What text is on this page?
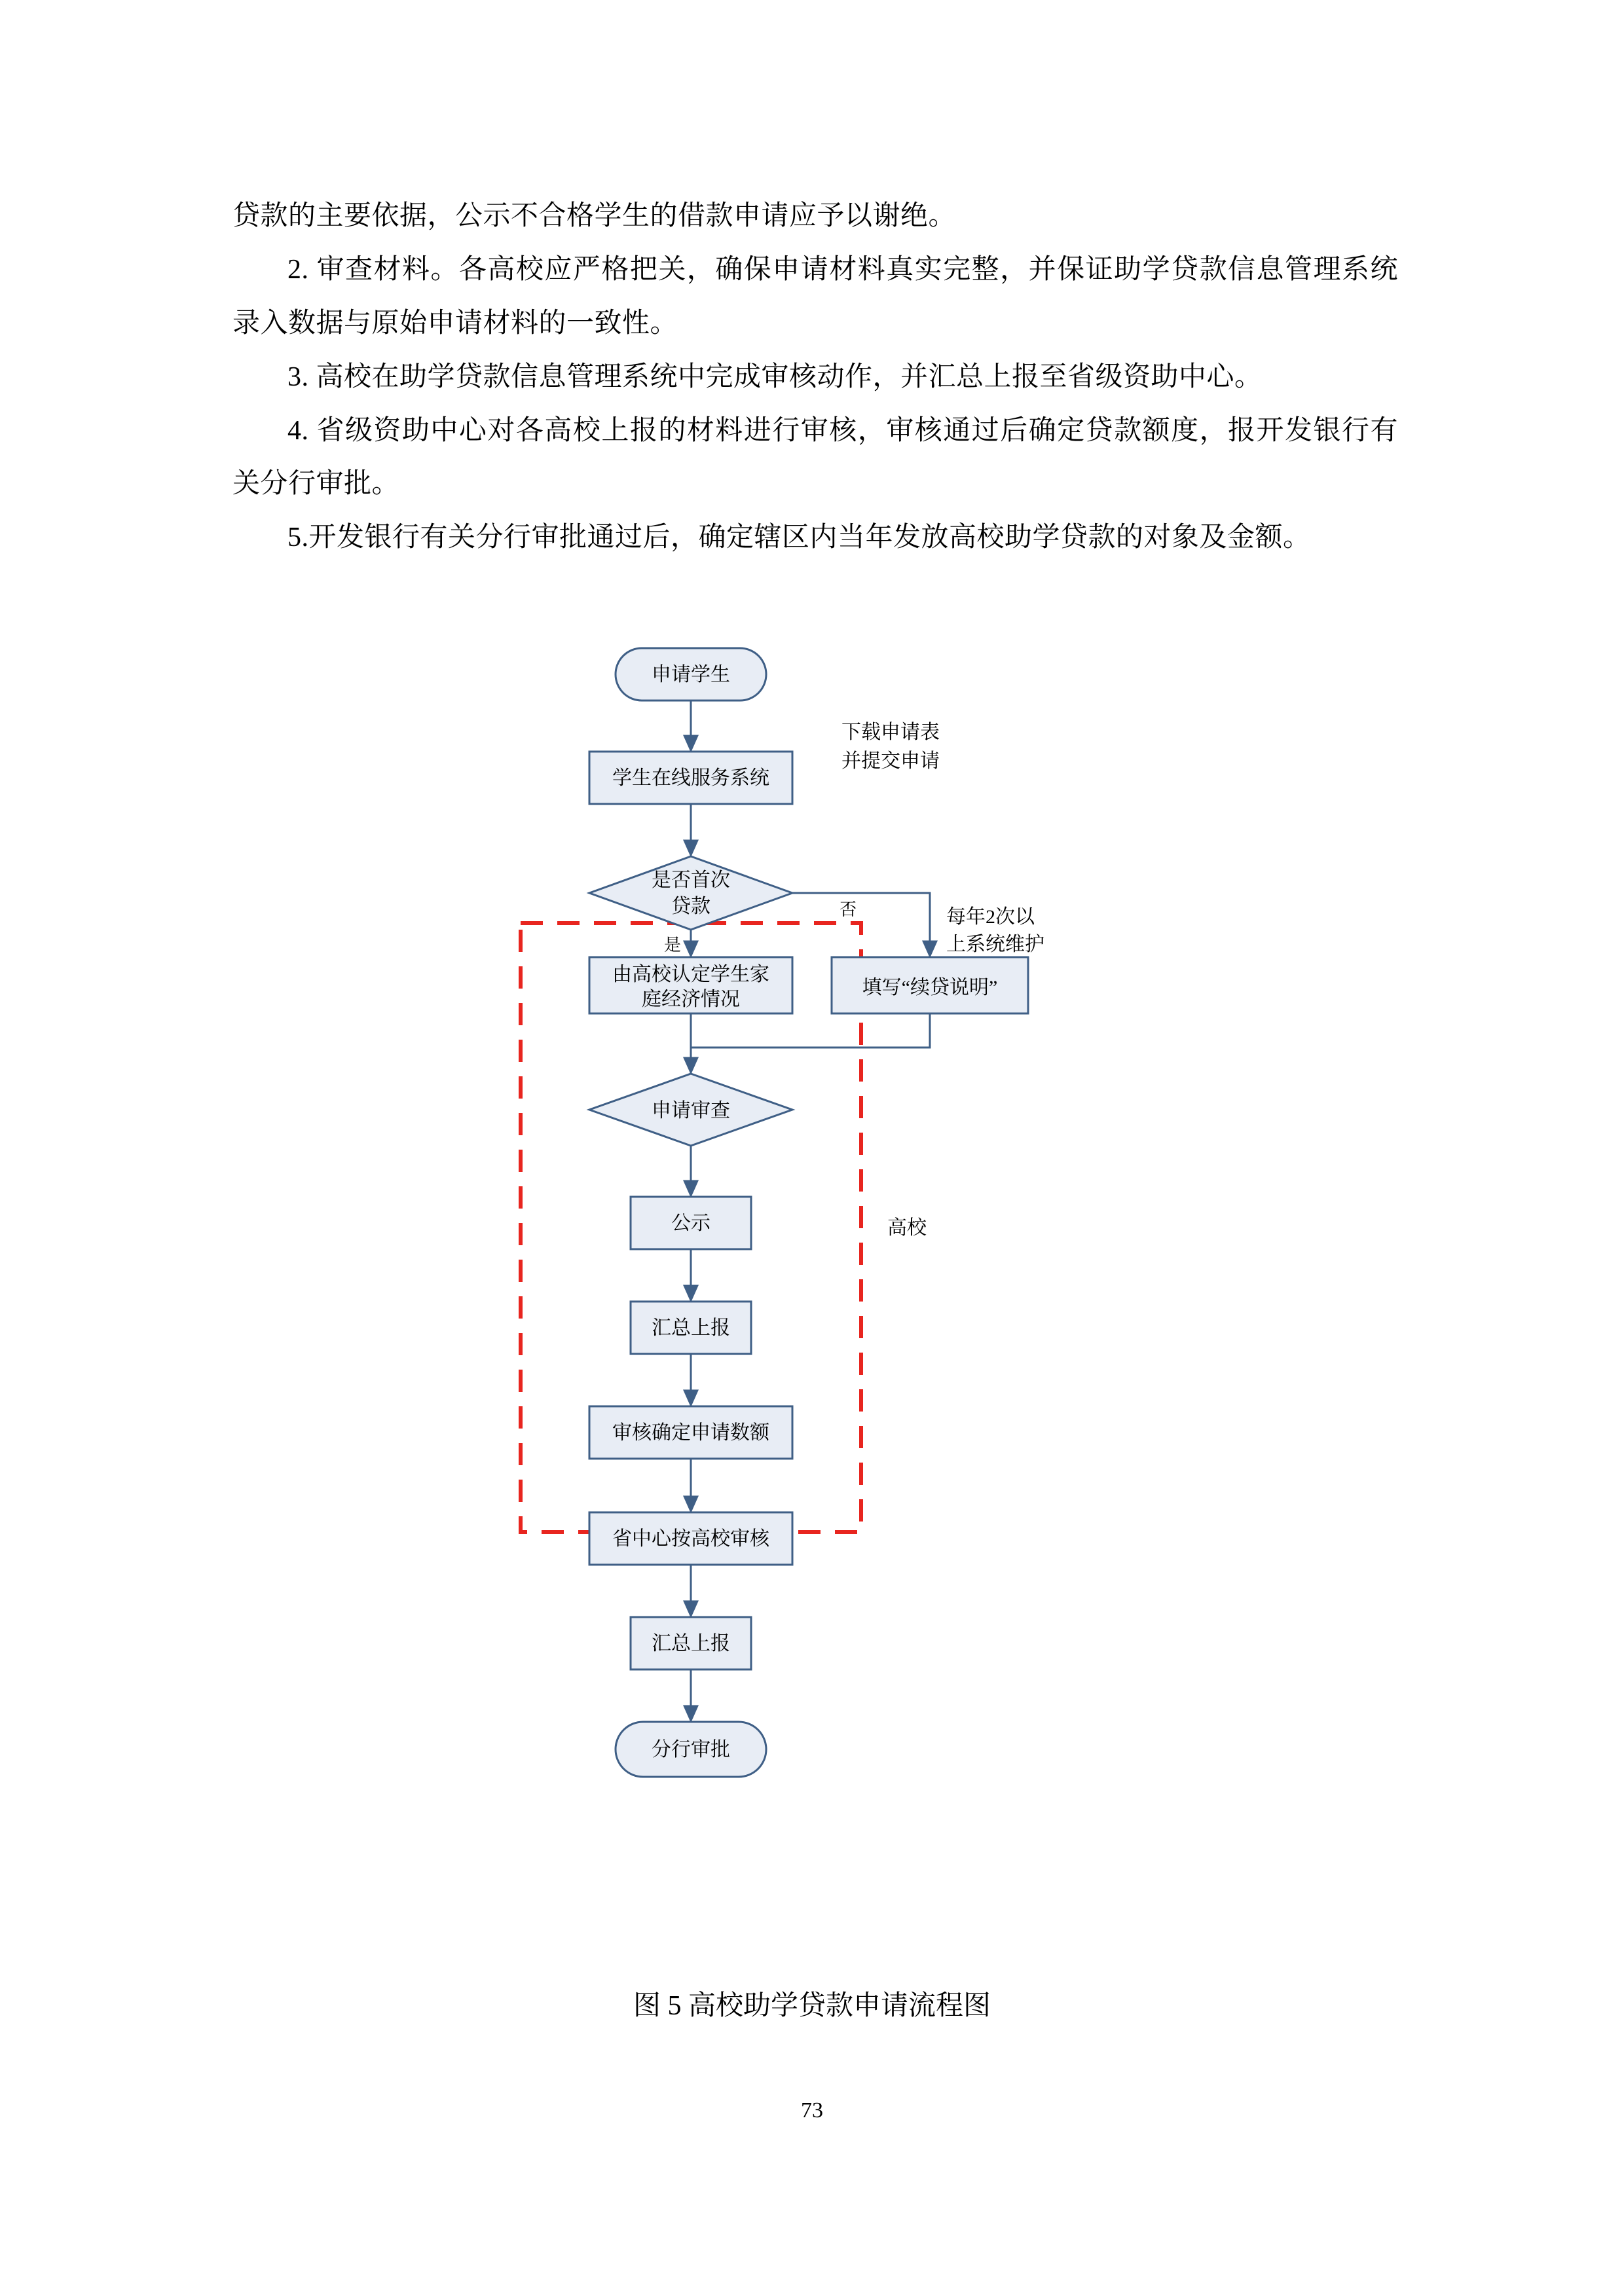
贷款的主要依据，公示不合格学生的借款申请应予以谢绝。

2. 审查材料。各高校应严格把关，确保申请材料真实完整，并保证助学贷款信息管理系统录入数据与原始申请材料的一致性。

3. 高校在助学贷款信息管理系统中完成审核动作，并汇总上报至省级资助中心。

4. 省级资助中心对各高校上报的材料进行审核，审核通过后确定贷款额度，报开发银行有关分行审批。

5.开发银行有关分行审批通过后，确定辖区内当年发放高校助学贷款的对象及金额。

申请学生
学生在线服务系统
下载申请表
并提交申请
是否首次
贷款
是
否	每年2次以
上系统维护
由高校认定学生家
庭经济情况
填写“续贷说明”
申请审查
公示
汇总上报
审核确定申请数额
省中心按高校审核
汇总上报
分行审批
高校
图 5 高校助学贷款申请流程图
73
